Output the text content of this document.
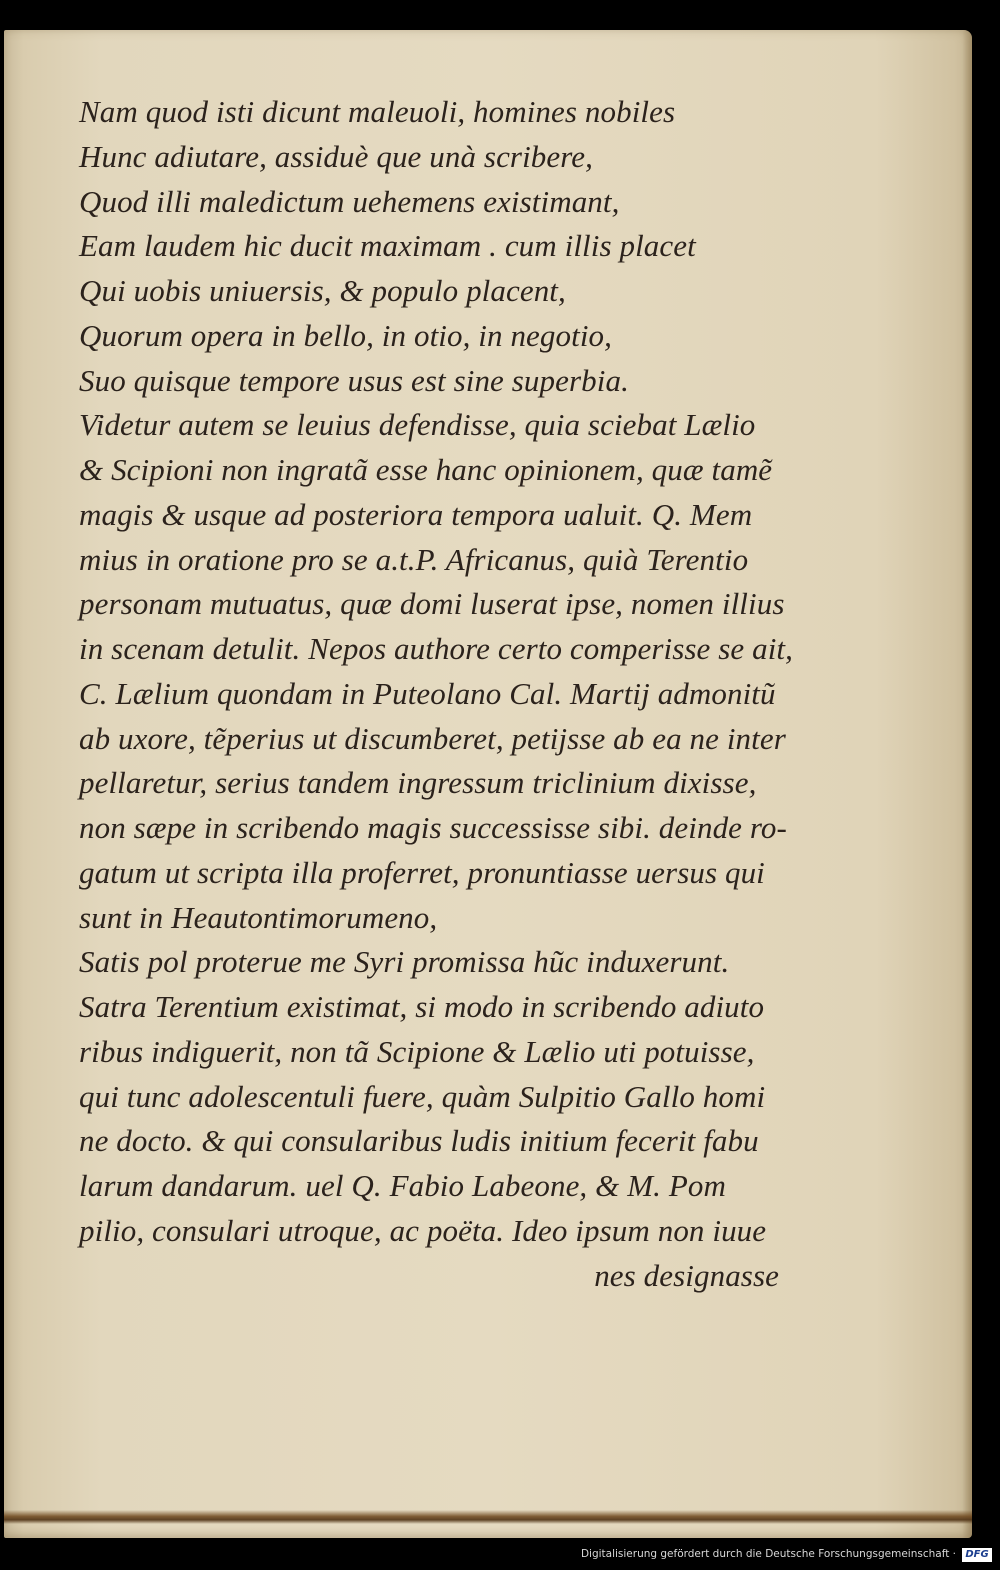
Nam quod isti dicunt maleuoli, homines nobiles
Hunc adiutare, assiduè que unà scribere,
Quod illi maledictum uehemens existimant,
Eam laudem hic ducit maximam . cum illis placet
Qui uobis uniuersis, & populo placent,
Quorum opera in bello, in otio, in negotio,
Suo quisque tempore usus est sine superbia.
Videtur autem se leuius defendisse, quia sciebat Lælio
& Scipioni non ingratã esse hanc opinionem, quæ tamẽ
magis & usque ad posteriora tempora ualuit. Q. Mem
mius in oratione pro se a.t.P. Africanus, quià Terentio
personam mutuatus, quæ domi luserat ipse, nomen illius
in scenam detulit. Nepos authore certo comperisse se ait,
C. Lælium quondam in Puteolano Cal. Martij admonitũ
ab uxore, tẽperius ut discumberet, petijsse ab ea ne inter
pellaretur, serius tandem ingressum triclinium dixisse,
non sæpe in scribendo magis successisse sibi. deinde ro-
gatum ut scripta illa proferret, pronuntiasse uersus qui
sunt in Heautontimorumeno,
Satis pol proterue me Syri promissa hũc induxerunt.
Satra Terentium existimat, si modo in scribendo adiuto
ribus indiguerit, non tã Scipione & Lælio uti potuisse,
qui tunc adolescentuli fuere, quàm Sulpitio Gallo homi
ne docto. & qui consularibus ludis initium fecerit fabu
larum dandarum. uel Q. Fabio Labeone, & M. Pom
pilio, consulari utroque, ac poëta. Ideo ipsum non iuue
nes designasse
Digitalisierung gefördert durch die Deutsche Forschungsgemeinschaft · DFG
